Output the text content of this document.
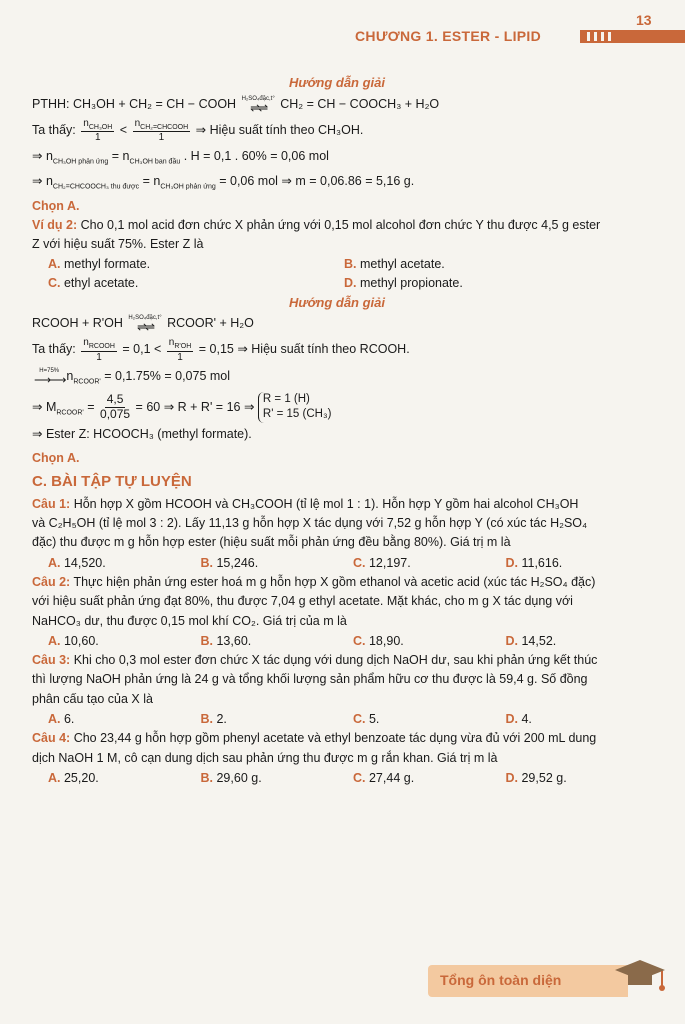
13
CHƯƠNG 1. ESTER - LIPID
Hướng dẫn giải
PTHH: CH₃OH + CH₂ = CH − COOH H₂SO₄đặc,t°
⇌⇌ CH₂ = CH − COOCH₃ + H₂O
Ta thấy: $\frac{n_{CH_3OH}}{1} < \frac{n_{CH_2=CHCOOH}}{1}$ ⇒ Hiệu suất tính theo CH₃OH.
⇒ $n_{CH_3OH phản ứng} = n_{CH_3OH ban đầu}$ . H = 0,1 . 60% = 0,06 mol
⇒ $n_{CH_2=CHCOOCH_3 thu được} = n_{CH_3OH phản ứng} = 0,06$ mol ⇒ m = 0,06.86 = 5,16 g.
Chọn A.
Ví dụ 2: Cho 0,1 mol acid đơn chức X phản ứng với 0,15 mol alcohol đơn chức Y thu được 4,5 g ester
Z với hiệu suất 75%. Ester Z là
A. methyl formate.	B. methyl acetate.
C. ethyl acetate.	D. methyl propionate.
Hướng dẫn giải
RCOOH + R'OH H₂SO₄đặc,t°
⇌⇌ RCOOR' + H₂O
Ta thấy: $\frac{n_{RCOOH}}{1} = 0,1 < \frac{n_{R'OH}}{1} = 0,15$ ⇒ Hiệu suất tính theo RCOOH.
H=75%
⟶⟶ $n_{RCOOR'} = 0,1.75\% = 0,075$ mol
⇒ $M_{RCOOR'} = \frac{4,5}{0,075} = 60$ ⇒ R + R' = 16 ⇒
R = 1 (H)
R' = 15 (CH₃)
⇒ Ester Z: HCOOCH₃ (methyl formate).
Chọn A.
C. BÀI TẬP TỰ LUYỆN
Câu 1: Hỗn hợp X gồm HCOOH và CH₃COOH (tỉ lệ mol 1 : 1). Hỗn hợp Y gồm hai alcohol CH₃OH
và C₂H₅OH (tỉ lệ mol 3 : 2). Lấy 11,13 g hỗn hợp X tác dụng với 7,52 g hỗn hợp Y (có xúc tác H₂SO₄
đặc) thu được m g hỗn hợp ester (hiệu suất mỗi phản ứng đều bằng 80%). Giá trị m là
A. 14,520.	B. 15,246.	C. 12,197.	D. 11,616.
Câu 2: Thực hiện phản ứng ester hoá m g hỗn hợp X gồm ethanol và acetic acid (xúc tác H₂SO₄ đặc)
với hiệu suất phản ứng đạt 80%, thu được 7,04 g ethyl acetate. Mặt khác, cho m g X tác dụng với
NaHCO₃ dư, thu được 0,15 mol khí CO₂. Giá trị của m là
A. 10,60.	B. 13,60.	C. 18,90.	D. 14,52.
Câu 3: Khi cho 0,3 mol ester đơn chức X tác dụng với dung dịch NaOH dư, sau khi phản ứng kết thúc
thì lượng NaOH phản ứng là 24 g và tổng khối lượng sản phẩm hữu cơ thu được là 59,4 g. Số đồng
phân cấu tạo của X là
A. 6.	B. 2.	C. 5.	D. 4.
Câu 4: Cho 23,44 g hỗn hợp gồm phenyl acetate và ethyl benzoate tác dụng vừa đủ với 200 mL dung
dịch NaOH 1 M, cô cạn dung dịch sau phản ứng thu được m g rắn khan. Giá trị m là
A. 25,20.	B. 29,60 g.	C. 27,44 g.	D. 29,52 g.
Tổng ôn toàn diện
